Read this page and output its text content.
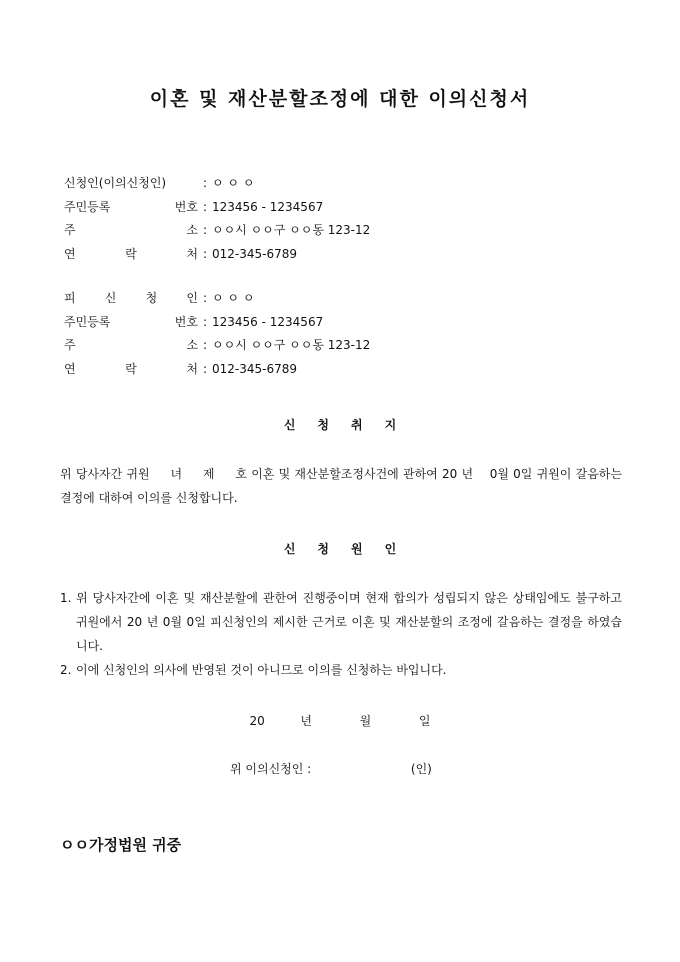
이혼 및 재산분할조정에 대한 이의신청서
신청인(이의신청인)	: ㅇ ㅇ ㅇ
주민등록 번호 : 123456 - 1234567
주 소 : ㅇㅇ시 ㅇㅇ구 ㅇㅇ동 123-12
연 락 처 : 012-345-6789
피 신 청 인 : ㅇ ㅇ ㅇ
주민등록 번호 : 123456 - 1234567
주 소 : ㅇㅇ시 ㅇㅇ구 ㅇㅇ동 123-12
연 락 처 : 012-345-6789
신청취지
위 당사자간 귀원 　 녀 　 제 　 호 이혼 및 재산분할조정사건에 관하여 20 년 　0월 0일 귀원이 갈음하는 결정에 대하여 이의를 신청합니다.
신청원인
1. 위 당사자간에 이혼 및 재산분할에 관한여 진행중이며 현재 합의가 성립되지 않은 상태임에도 불구하고 귀원에서 20 년 0월 0일 피신청인의 제시한 근거로 이혼 및 재산분할의 조정에 갈음하는 결정을 하였습니다.
2. 이에 신청인의 의사에 반영된 것이 아니므로 이의를 신청하는 바입니다.
20	년	월	일
위 이의신청인 :	(인)
ㅇㅇ가정법원 귀중
